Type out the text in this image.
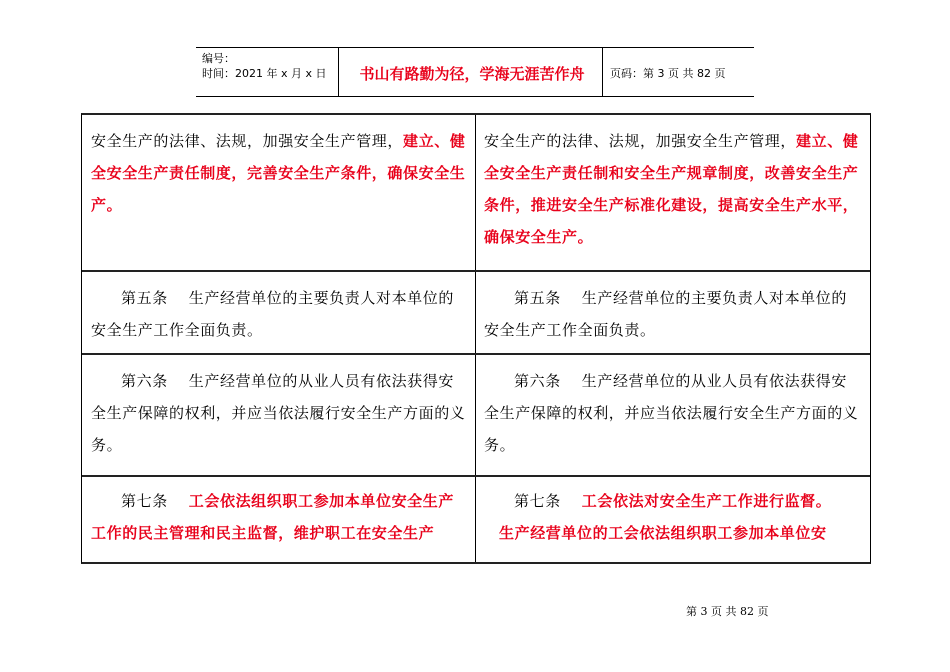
编号：
时间：2021 年 x 月 x 日	书山有路勤为径，学海无涯苦作舟	页码：第 3 页 共 82 页
安全生产的法律、法规，加强安全生产管理，建立、健全安全生产责任制度，完善安全生产条件，确保安全生产。
安全生产的法律、法规，加强安全生产管理，建立、健全安全生产责任制和安全生产规章制度，改善安全生产条件，推进安全生产标准化建设，提高安全生产水平，确保安全生产。
第五条　 生产经营单位的主要负责人对本单位的安全生产工作全面负责。
第五条　 生产经营单位的主要负责人对本单位的安全生产工作全面负责。
第六条　 生产经营单位的从业人员有依法获得安全生产保障的权利，并应当依法履行安全生产方面的义务。
第六条　 生产经营单位的从业人员有依法获得安全生产保障的权利，并应当依法履行安全生产方面的义务。
第七条　 工会依法组织职工参加本单位安全生产工作的民主管理和民主监督，维护职工在安全生产
第七条　 工会依法对安全生产工作进行监督。
生产经营单位的工会依法组织职工参加本单位安
第 3 页 共 82 页
